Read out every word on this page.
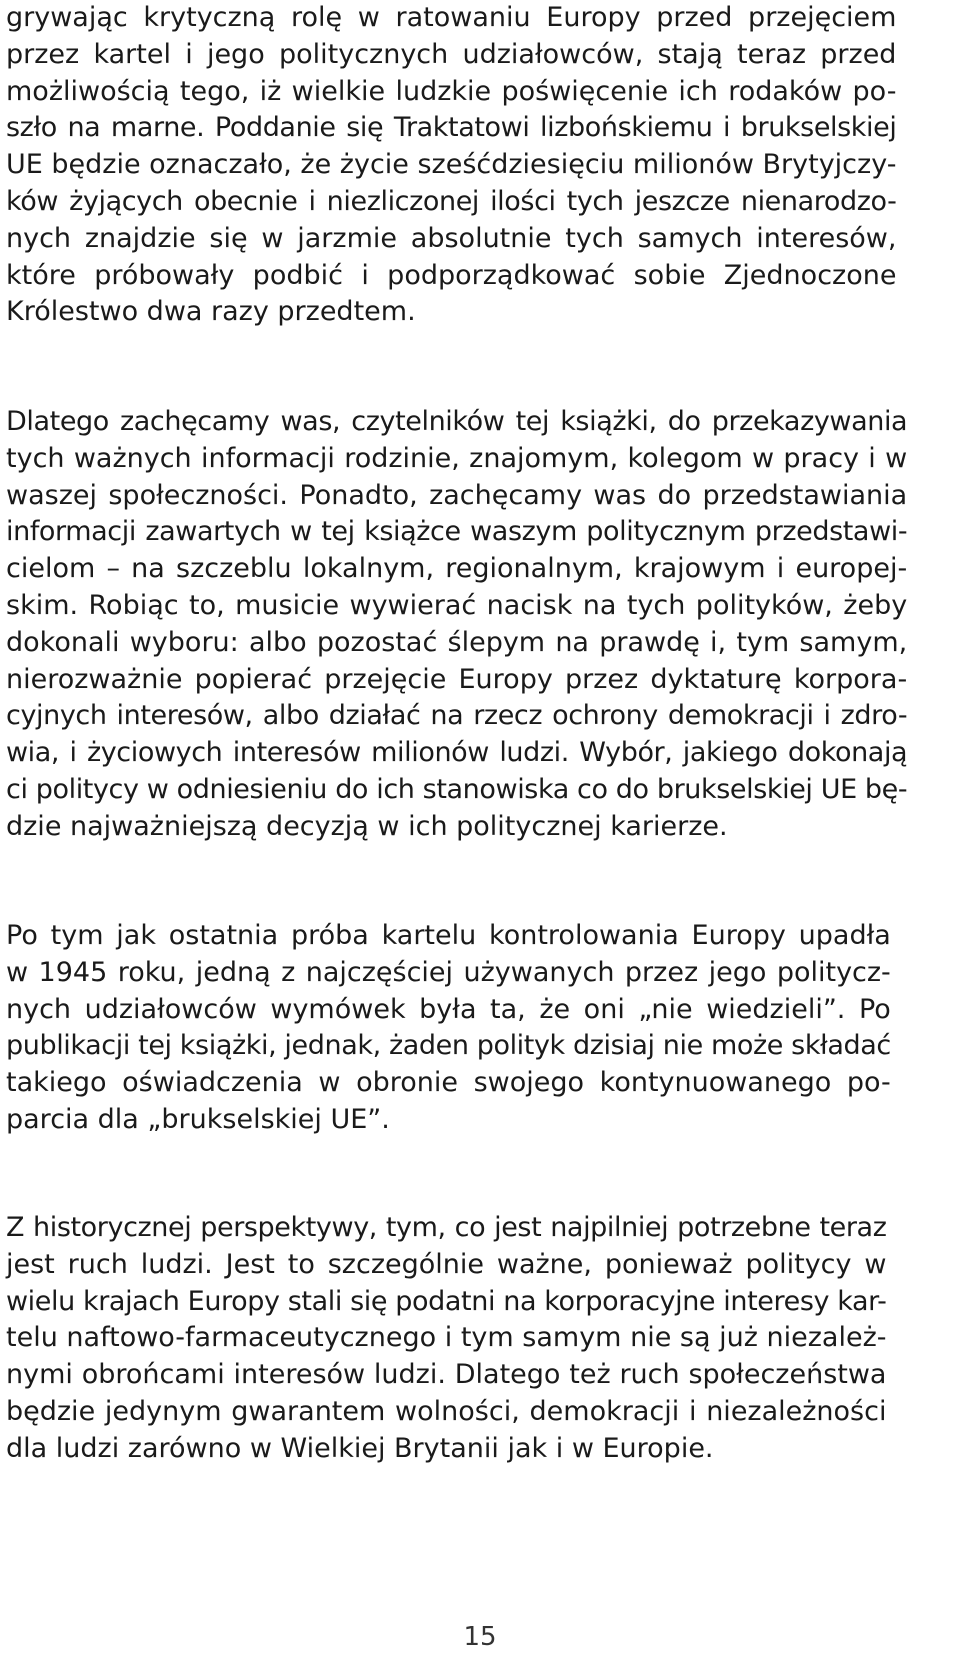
grywając krytyczną rolę w ratowaniu Europy przed przejęciem
przez kartel i jego politycznych udziałowców, stają teraz przed
możliwością tego, iż wielkie ludzkie poświęcenie ich rodaków po-
szło na marne. Poddanie się Traktatowi lizbońskiemu i brukselskiej
UE będzie oznaczało, że życie sześćdziesięciu milionów Brytyjczy-
ków żyjących obecnie i niezliczonej ilości tych jeszcze nienarodzo-
nych znajdzie się w jarzmie absolutnie tych samych interesów,
które próbowały podbić i podporządkować sobie Zjednoczone
Królestwo dwa razy przedtem.
Dlatego zachęcamy was, czytelników tej książki, do przekazywania
tych ważnych informacji rodzinie, znajomym, kolegom w pracy i w
waszej społeczności. Ponadto, zachęcamy was do przedstawiania
informacji zawartych w tej książce waszym politycznym przedstawi-
cielom – na szczeblu lokalnym, regionalnym, krajowym i europej-
skim. Robiąc to, musicie wywierać nacisk na tych polityków, żeby
dokonali wyboru: albo pozostać ślepym na prawdę i, tym samym,
nierozważnie popierać przejęcie Europy przez dyktaturę korpora-
cyjnych interesów, albo działać na rzecz ochrony demokracji i zdro-
wia, i życiowych interesów milionów ludzi. Wybór, jakiego dokonają
ci politycy w odniesieniu do ich stanowiska co do brukselskiej UE bę-
dzie najważniejszą decyzją w ich politycznej karierze.
Po tym jak ostatnia próba kartelu kontrolowania Europy upadła
w 1945 roku, jedną z najczęściej używanych przez jego politycz-
nych udziałowców wymówek była ta, że oni „nie wiedzieli”. Po
publikacji tej książki, jednak, żaden polityk dzisiaj nie może składać
takiego oświadczenia w obronie swojego kontynuowanego po-
parcia dla „brukselskiej UE”.
Z historycznej perspektywy, tym, co jest najpilniej potrzebne teraz
jest ruch ludzi. Jest to szczególnie ważne, ponieważ politycy w
wielu krajach Europy stali się podatni na korporacyjne interesy kar-
telu naftowo-farmaceutycznego i tym samym nie są już niezależ-
nymi obrońcami interesów ludzi. Dlatego też ruch społeczeństwa
będzie jedynym gwarantem wolności, demokracji i niezależności
dla ludzi zarówno w Wielkiej Brytanii jak i w Europie.
15
